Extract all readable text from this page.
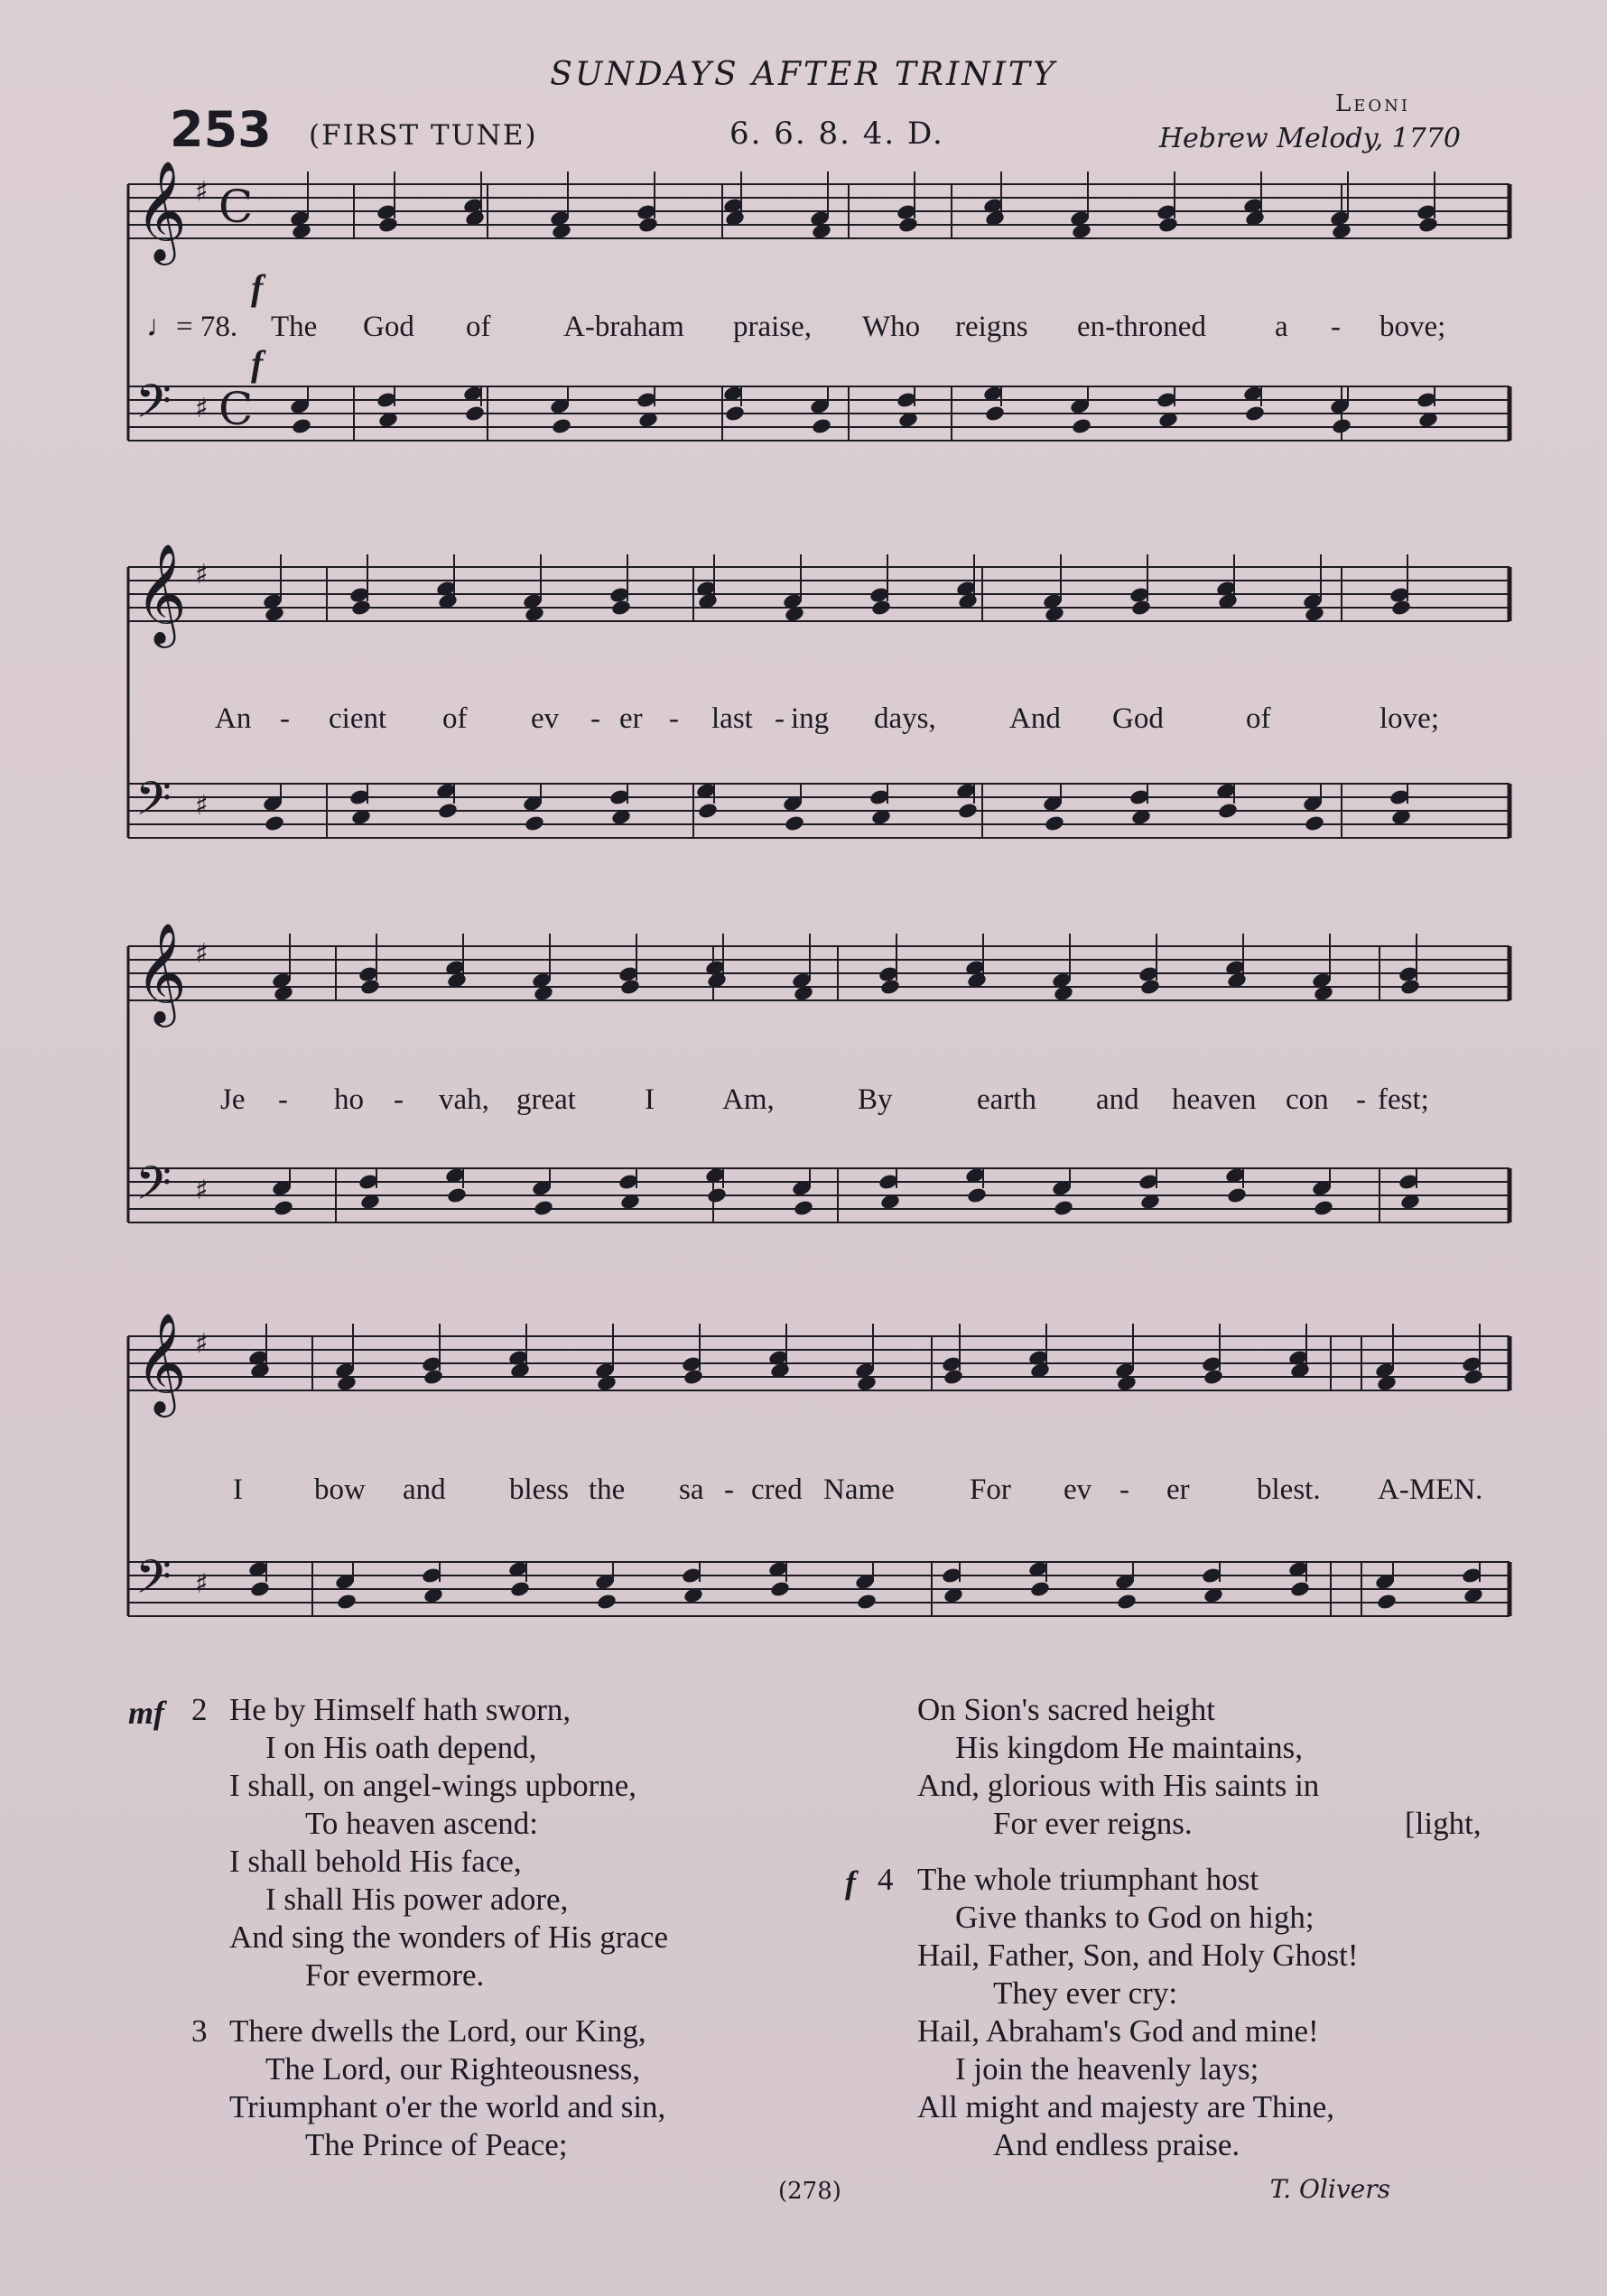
SUNDAYS AFTER TRINITY
253 (FIRST TUNE)	6. 6. 8. 4. D.
Leoni
Hebrew Melody, 1770
𝄞 ♯ C
𝄢 ♯ C
𝄞 ♯
𝄢 ♯
𝄞 ♯
𝄢 ♯
𝄞 ♯
𝄢 ♯
f
f
♩= 78. The God of A-braham praise, Who reigns en-throned a - bove;
An - cient of ev - er - last - ing days, And God	of	love;
Je - ho - vah, great I Am,	By	earth and heaven con - fest;
I bow and bless the sa - cred Name	For ev - er blest. A-MEN.
mf 2 He by Himself hath sworn,
I on His oath depend,
I shall, on angel-wings upborne,
To heaven ascend:
I shall behold His face,
I shall His power adore,
And sing the wonders of His grace
For evermore.
3 There dwells the Lord, our King,
The Lord, our Righteousness,
Triumphant o'er the world and sin,
The Prince of Peace;
On Sion's sacred height
His kingdom He maintains,
And, glorious with His saints in
For ever reigns.	[light,
f 4 The whole triumphant host
Give thanks to God on high;
Hail, Father, Son, and Holy Ghost!
They ever cry:
Hail, Abraham's God and mine!
I join the heavenly lays;
All might and majesty are Thine,
And endless praise.
(278)	T. Olivers
